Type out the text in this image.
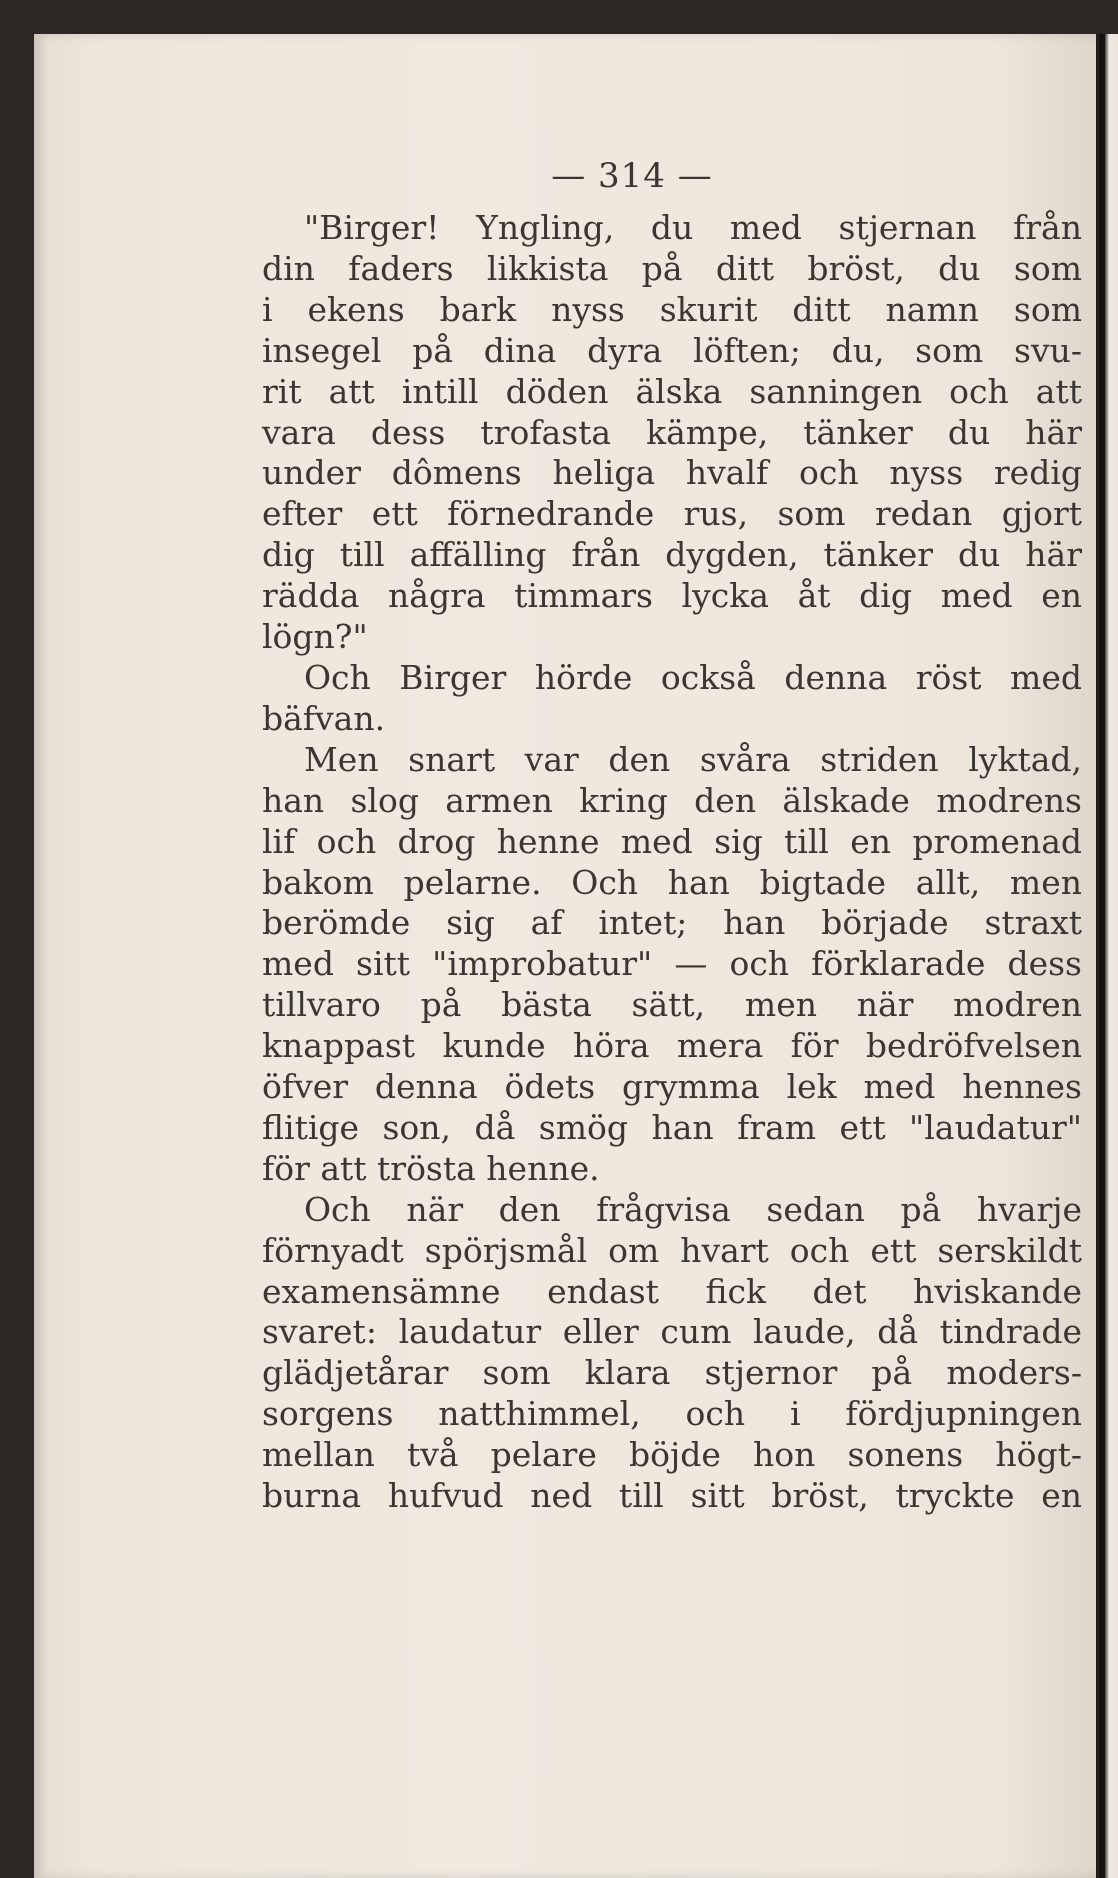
— 314 —
"Birger! Yngling, du med stjernan från
din faders likkista på ditt bröst, du som
i ekens bark nyss skurit ditt namn som
insegel på dina dyra löften; du, som svu-
rit att intill döden älska sanningen och att
vara dess trofasta kämpe, tänker du här
under dômens heliga hvalf och nyss redig
efter ett förnedrande rus, som redan gjort
dig till affälling från dygden, tänker du här
rädda några timmars lycka åt dig med en
lögn?"
Och Birger hörde också denna röst med
bäfvan.
Men snart var den svåra striden lyktad,
han slog armen kring den älskade modrens
lif och drog henne med sig till en promenad
bakom pelarne. Och han bigtade allt, men
berömde sig af intet; han började straxt
med sitt "improbatur" — och förklarade dess
tillvaro på bästa sätt, men när modren
knappast kunde höra mera för bedröfvelsen
öfver denna ödets grymma lek med hennes
flitige son, då smög han fram ett "laudatur"
för att trösta henne.
Och när den frågvisa sedan på hvarje
förnyadt spörjsmål om hvart och ett serskildt
examensämne endast fick det hviskande
svaret: laudatur eller cum laude, då tindrade
glädjetårar som klara stjernor på moders-
sorgens natthimmel, och i fördjupningen
mellan två pelare böjde hon sonens högt-
burna hufvud ned till sitt bröst, tryckte en
